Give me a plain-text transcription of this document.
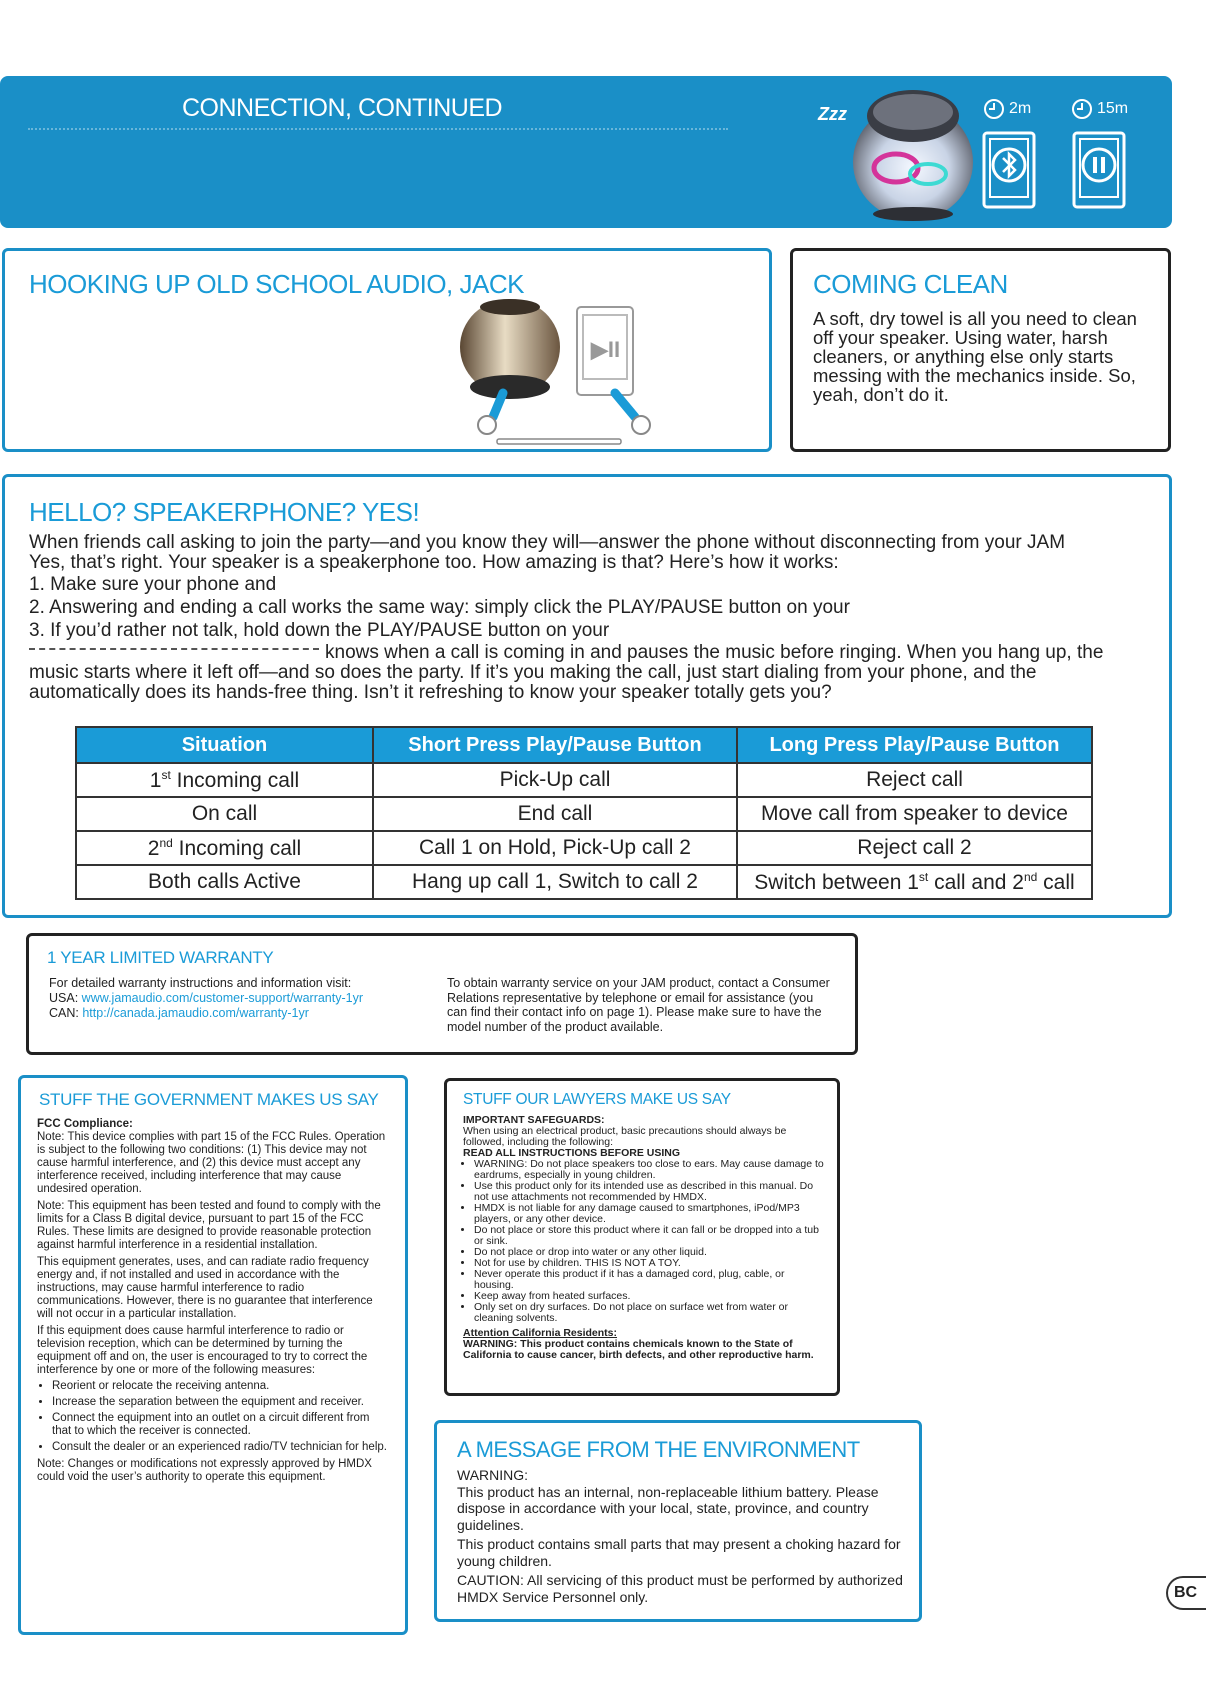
CONNECTION, CONTINUED	Zzz	2m	15m
HOOKING UP OLD SCHOOL AUDIO, JACK
▶II
COMING CLEAN
A soft, dry towel is all you need to clean off your speaker. Using water, harsh cleaners, or anything else only starts messing with the mechanics inside. So, yeah, don’t do it.
HELLO? SPEAKERPHONE? YES!
When friends call asking to join the party—and you know they will—answer the phone without disconnecting from your JAM
Yes, that’s right. Your speaker is a speakerphone too. How amazing is that? Here’s how it works:
1. Make sure your phone and
2. Answering and ending a call works the same way: simply click the PLAY/PAUSE button on your
3. If you’d rather not talk, hold down the PLAY/PAUSE button on your
knows when a call is coming in and pauses the music before ringing. When you hang up, the
music starts where it left off—and so does the party. If it’s you making the call, just start dialing from your phone, and the
automatically does its hands-free thing. Isn’t it refreshing to know your speaker totally gets you?
Situation	Short Press Play/Pause Button	Long Press Play/Pause Button
1st Incoming call	Pick-Up call	Reject call
On call	End call	Move call from speaker to device
2nd Incoming call	Call 1 on Hold, Pick-Up call 2	Reject call 2
Both calls Active	Hang up call 1, Switch to call 2	Switch between 1st call and 2nd call
1 YEAR LIMITED WARRANTY
For detailed warranty instructions and information visit:
USA: www.jamaudio.com/customer-support/warranty-1yr
CAN: http://canada.jamaudio.com/warranty-1yr
To obtain warranty service on your JAM product, contact a Consumer Relations representative by telephone or email for assistance (you can find their contact info on page 1). Please make sure to have the model number of the product available.
STUFF THE GOVERNMENT MAKES US SAY
FCC Compliance:
Note: This device complies with part 15 of the FCC Rules. Operation is subject to the following two conditions: (1) This device may not cause harmful interference, and (2) this device must accept any interference received, including interference that may cause undesired operation.
Note: This equipment has been tested and found to comply with the limits for a Class B digital device, pursuant to part 15 of the FCC Rules. These limits are designed to provide reasonable protection against harmful interference in a residential installation.
This equipment generates, uses, and can radiate radio frequency energy and, if not installed and used in accordance with the instructions, may cause harmful interference to radio communications. However, there is no guarantee that interference will not occur in a particular installation.
If this equipment does cause harmful interference to radio or television reception, which can be determined by turning the equipment off and on, the user is encouraged to try to correct the interference by one or more of the following measures:
• Reorient or relocate the receiving antenna.
• Increase the separation between the equipment and receiver.
• Connect the equipment into an outlet on a circuit different from that to which the receiver is connected.
• Consult the dealer or an experienced radio/TV technician for help.
Note: Changes or modifications not expressly approved by HMDX could void the user’s authority to operate this equipment.
STUFF OUR LAWYERS MAKE US SAY
IMPORTANT SAFEGUARDS:
When using an electrical product, basic precautions should always be followed, including the following:
READ ALL INSTRUCTIONS BEFORE USING
• WARNING: Do not place speakers too close to ears. May cause damage to eardrums, especially in young children.
• Use this product only for its intended use as described in this manual. Do not use attachments not recommended by HMDX.
• HMDX is not liable for any damage caused to smartphones, iPod/MP3 players, or any other device.
• Do not place or store this product where it can fall or be dropped into a tub or sink.
• Do not place or drop into water or any other liquid.
• Not for use by children. THIS IS NOT A TOY.
• Never operate this product if it has a damaged cord, plug, cable, or housing.
• Keep away from heated surfaces.
• Only set on dry surfaces. Do not place on surface wet from water or cleaning solvents.
Attention California Residents:
WARNING: This product contains chemicals known to the State of California to cause cancer, birth defects, and other reproductive harm.
A MESSAGE FROM THE ENVIRONMENT
WARNING:
This product has an internal, non-replaceable lithium battery. Please dispose in accordance with your local, state, province, and country guidelines.
This product contains small parts that may present a choking hazard for young children.
CAUTION: All servicing of this product must be performed by authorized HMDX Service Personnel only.	BC
